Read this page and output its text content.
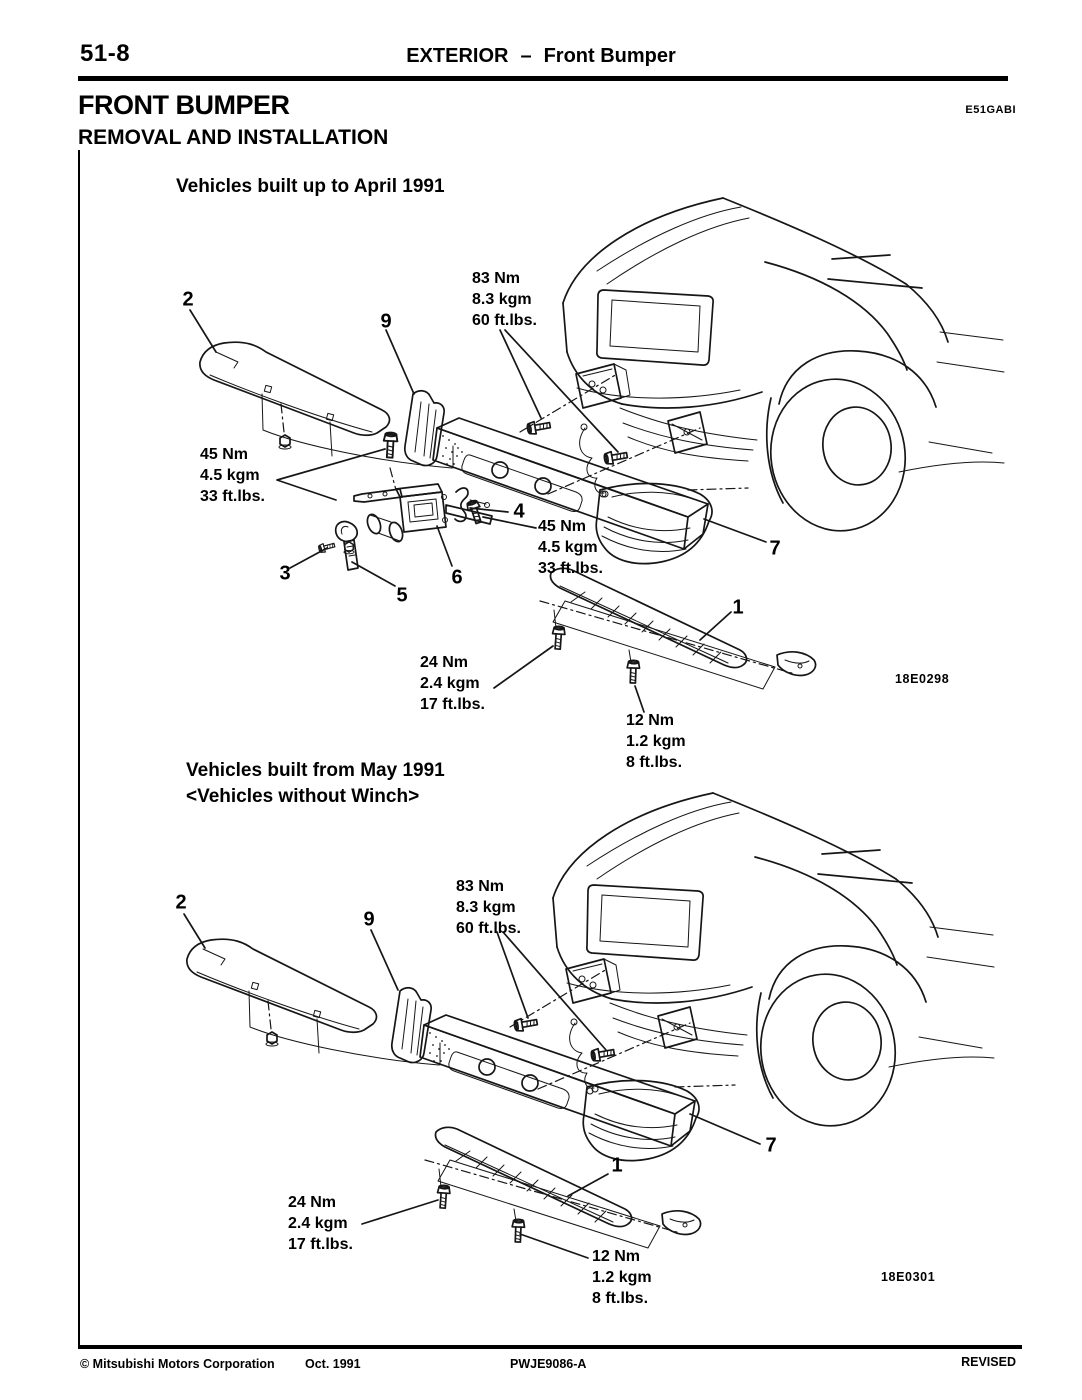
51-8	EXTERIOR – Front Bumper
FRONT BUMPER	E51GABI
REMOVAL AND INSTALLATION
Vehicles built up to April 1991
2
9
4
3
5
6
7
1
83 Nm
8.3 kgm
60 ft.lbs.
45 Nm
4.5 kgm
33 ft.lbs.
45 Nm
4.5 kgm
33 ft.lbs.
24 Nm
2.4 kgm
17 ft.lbs.
12 Nm
1.2 kgm
8 ft.lbs.
18E0298
Vehicles built from May 1991
<Vehicles without Winch>
2
9
7
1
83 Nm
8.3 kgm
60 ft.lbs.
24 Nm
2.4 kgm
17 ft.lbs.
12 Nm
1.2 kgm
8 ft.lbs.
18E0301
© Mitsubishi Motors Corporation Oct. 1991	PWJE9086-A	REVISED
